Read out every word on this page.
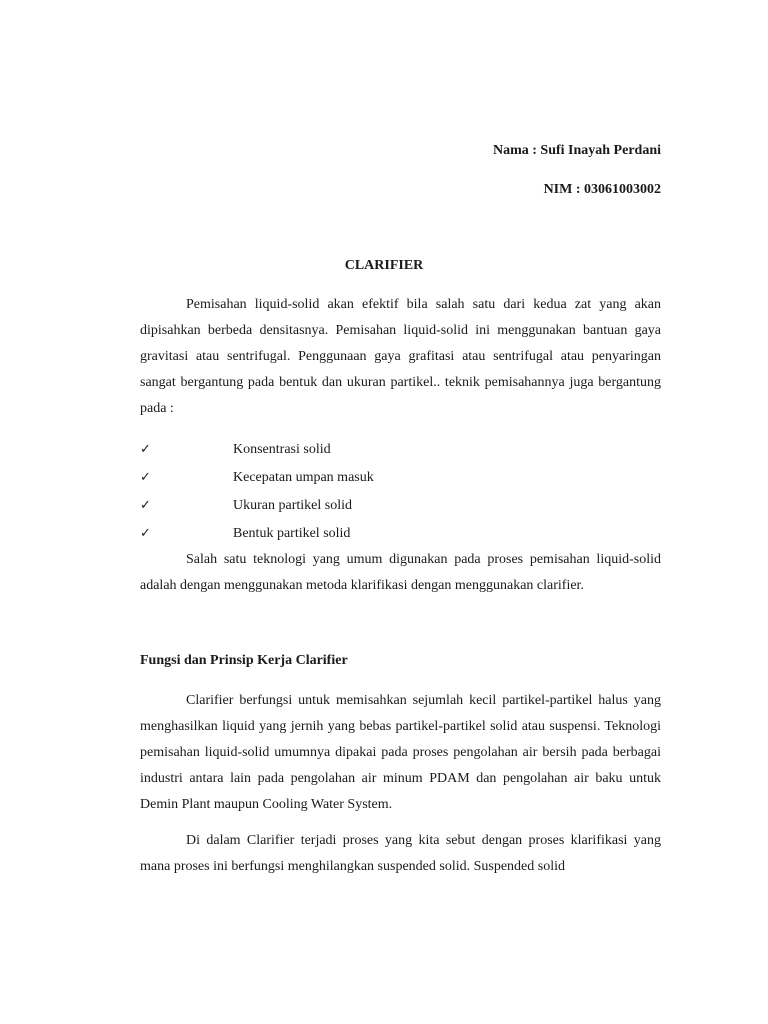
Nama : Sufi Inayah Perdani
NIM : 03061003002
CLARIFIER

Pemisahan liquid-solid akan efektif bila salah satu dari kedua zat yang akan dipisahkan berbeda densitasnya. Pemisahan liquid-solid ini menggunakan bantuan gaya gravitasi atau sentrifugal. Penggunaan gaya grafitasi atau sentrifugal atau penyaringan sangat bergantung pada bentuk dan ukuran partikel.. teknik pemisahannya juga bergantung pada :

✓	Konsentrasi solid
✓	Kecepatan umpan masuk
✓	Ukuran partikel solid
✓	Bentuk partikel solid

Salah satu teknologi yang umum digunakan pada proses pemisahan liquid-solid adalah dengan menggunakan metoda klarifikasi dengan menggunakan clarifier.

Fungsi dan Prinsip Kerja Clarifier

Clarifier berfungsi untuk memisahkan sejumlah kecil partikel-partikel halus yang menghasilkan liquid yang jernih yang bebas partikel-partikel solid atau suspensi. Teknologi pemisahan liquid-solid umumnya dipakai pada proses pengolahan air bersih pada berbagai industri antara lain pada pengolahan air minum PDAM dan pengolahan air baku untuk Demin Plant maupun Cooling Water System.

Di dalam Clarifier terjadi proses yang kita sebut dengan proses klarifikasi yang mana proses ini berfungsi menghilangkan suspended solid. Suspended solid
